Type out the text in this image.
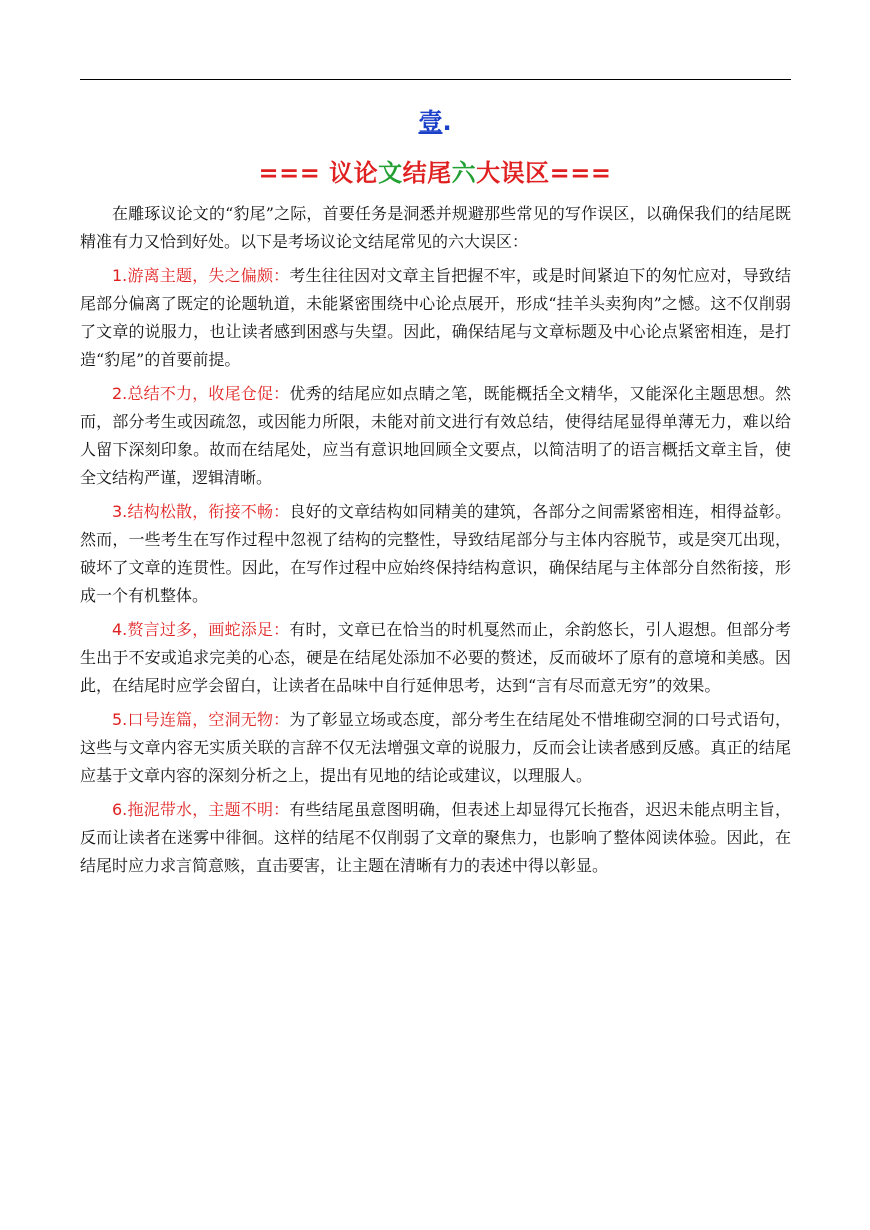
壹.
=== 议论文结尾六大误区===

在雕琢议论文的“豹尾”之际，首要任务是洞悉并规避那些常见的写作误区，以确保我们的结尾既精准有力又恰到好处。以下是考场议论文结尾常见的六大误区：

1.游离主题，失之偏颇：考生往往因对文章主旨把握不牢，或是时间紧迫下的匆忙应对，导致结尾部分偏离了既定的论题轨道，未能紧密围绕中心论点展开，形成“挂羊头卖狗肉”之憾。这不仅削弱了文章的说服力，也让读者感到困惑与失望。因此，确保结尾与文章标题及中心论点紧密相连，是打造“豹尾”的首要前提。

2.总结不力，收尾仓促：优秀的结尾应如点睛之笔，既能概括全文精华，又能深化主题思想。然而，部分考生或因疏忽，或因能力所限，未能对前文进行有效总结，使得结尾显得单薄无力，难以给人留下深刻印象。故而在结尾处，应当有意识地回顾全文要点，以简洁明了的语言概括文章主旨，使全文结构严谨，逻辑清晰。

3.结构松散，衔接不畅：良好的文章结构如同精美的建筑，各部分之间需紧密相连，相得益彰。然而，一些考生在写作过程中忽视了结构的完整性，导致结尾部分与主体内容脱节，或是突兀出现，破坏了文章的连贯性。因此，在写作过程中应始终保持结构意识，确保结尾与主体部分自然衔接，形成一个有机整体。

4.赘言过多，画蛇添足：有时，文章已在恰当的时机戛然而止，余韵悠长，引人遐想。但部分考生出于不安或追求完美的心态，硬是在结尾处添加不必要的赘述，反而破坏了原有的意境和美感。因此，在结尾时应学会留白，让读者在品味中自行延伸思考，达到“言有尽而意无穷”的效果。

5.口号连篇，空洞无物：为了彰显立场或态度，部分考生在结尾处不惜堆砌空洞的口号式语句，这些与文章内容无实质关联的言辞不仅无法增强文章的说服力，反而会让读者感到反感。真正的结尾应基于文章内容的深刻分析之上，提出有见地的结论或建议，以理服人。

6.拖泥带水，主题不明：有些结尾虽意图明确，但表述上却显得冗长拖沓，迟迟未能点明主旨，反而让读者在迷雾中徘徊。这样的结尾不仅削弱了文章的聚焦力，也影响了整体阅读体验。因此，在结尾时应力求言简意赅，直击要害，让主题在清晰有力的表述中得以彰显。
